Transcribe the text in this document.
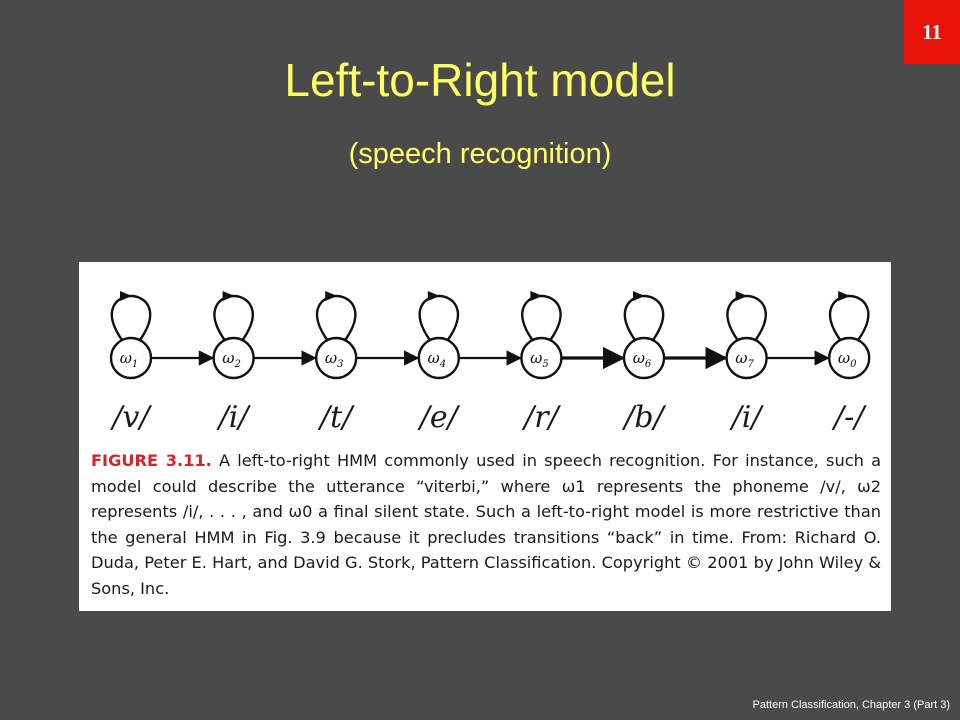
11
Left-to-Right model
(speech recognition)
$\omega_1$	$\omega_2$	$\omega_3$	$\omega_4$	$\omega_5$	$\omega_6$	$\omega_7$	$\omega_0$
/v/	/i/	/t/	/e/	/r/	/b/	/i/	/-/
FIGURE 3.11. A left-to-right HMM commonly used in speech recognition. For instance, such a model could describe the utterance “viterbi,” where ω1 represents the phoneme /v/, ω2 represents /i/, . . . , and ω0 a final silent state. Such a left-to-right model is more restrictive than the general HMM in Fig. 3.9 because it precludes transitions “back” in time. From: Richard O. Duda, Peter E. Hart, and David G. Stork, Pattern Classification. Copyright © 2001 by John Wiley & Sons, Inc.
Pattern Classification, Chapter 3 (Part 3)
